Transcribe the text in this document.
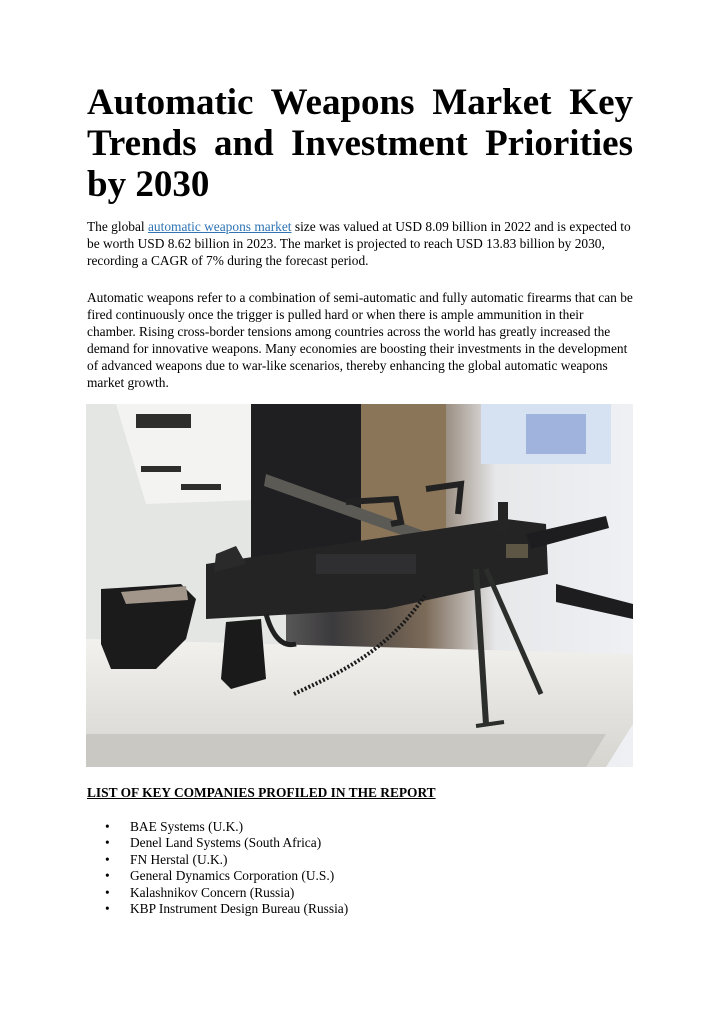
Automatic Weapons Market Key Trends and Investment Priorities by 2030

The global automatic weapons market size was valued at USD 8.09 billion in 2022 and is expected to be worth USD 8.62 billion in 2023. The market is projected to reach USD 13.83 billion by 2030, recording a CAGR of 7% during the forecast period.

Automatic weapons refer to a combination of semi-automatic and fully automatic firearms that can be fired continuously once the trigger is pulled hard or when there is ample ammunition in their chamber. Rising cross-border tensions among countries across the world has greatly increased the demand for innovative weapons. Many economies are boosting their investments in the development of advanced weapons due to war-like scenarios, thereby enhancing the global automatic weapons market growth.

LIST OF KEY COMPANIES PROFILED IN THE REPORT

• BAE Systems (U.K.)
• Denel Land Systems (South Africa)
• FN Herstal (U.K.)
• General Dynamics Corporation (U.S.)
• Kalashnikov Concern (Russia)
• KBP Instrument Design Bureau (Russia)
